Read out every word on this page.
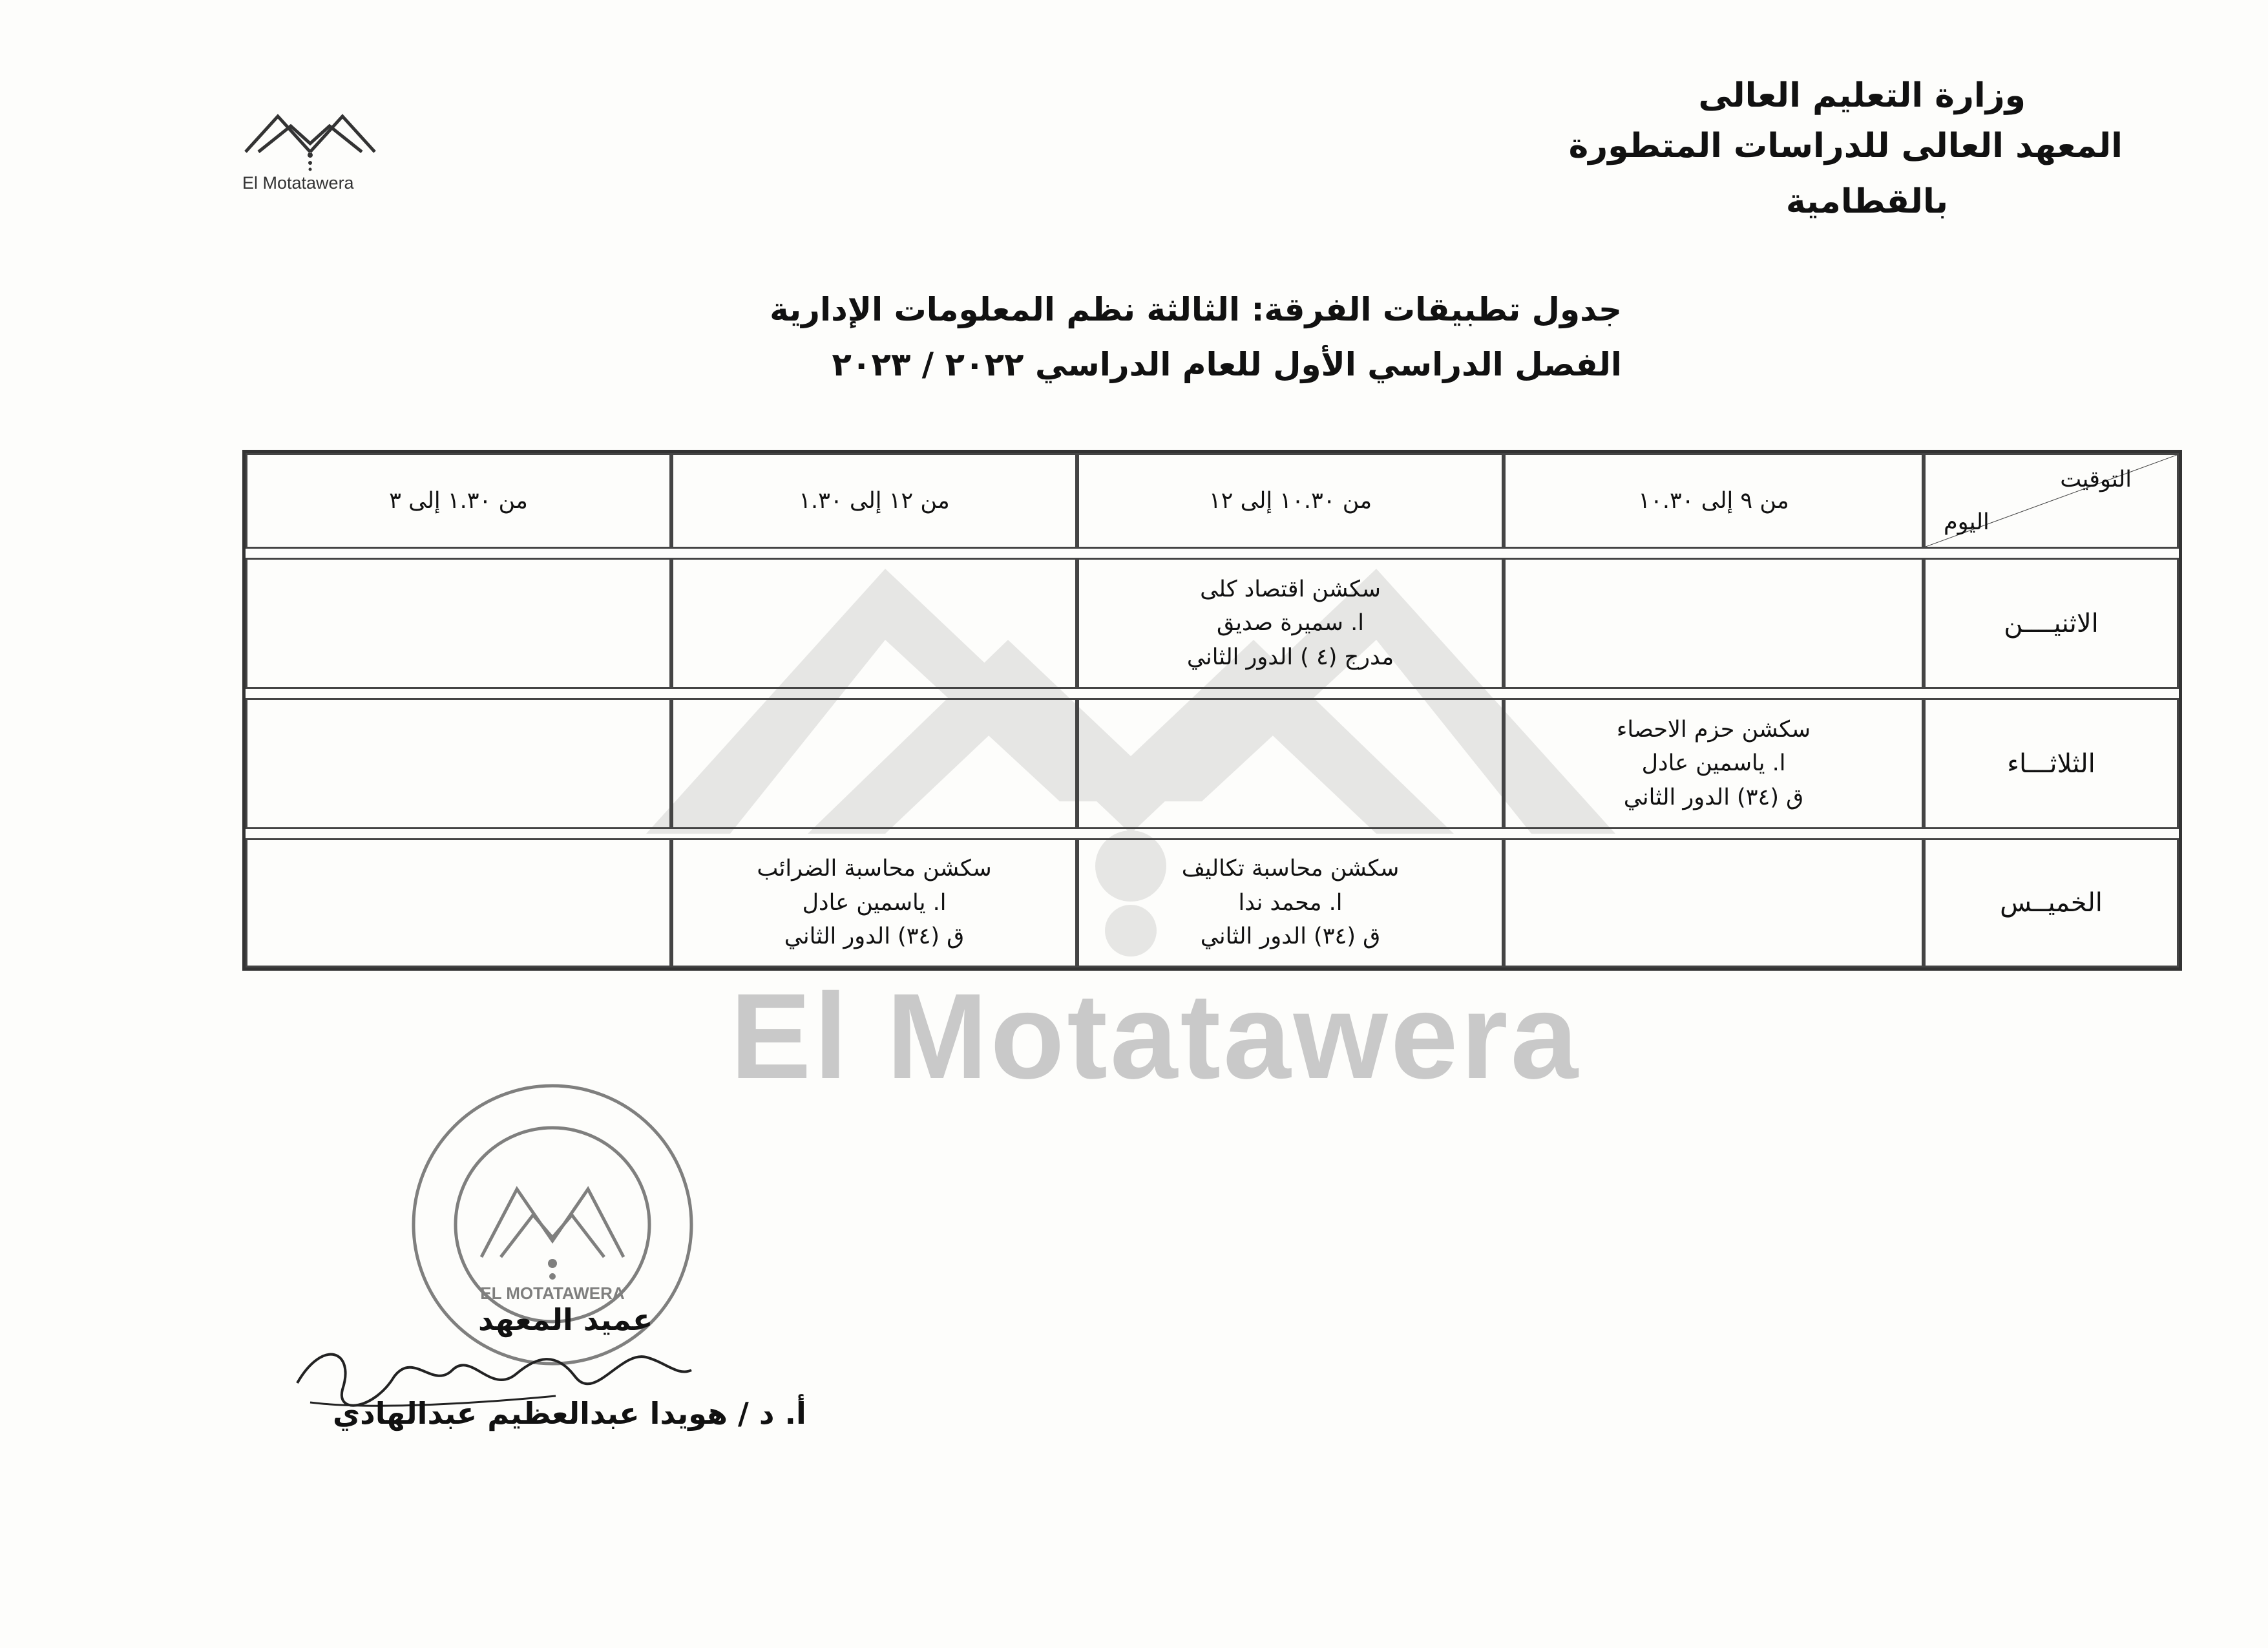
El Motatawera
وزارة التعليم العالى
المعهد العالى للدراسات المتطورة
بالقطامية
جدول تطبيقات الفرقة: الثالثة نظم المعلومات الإدارية
الفصل الدراسي الأول للعام الدراسي ٢٠٢٢ / ٢٠٢٣
El Motatawera
التوقيت
اليوم	من ٩ إلى ١٠.٣٠	من ١٠.٣٠ إلى ١٢	من ١٢ إلى ١.٣٠	من ١.٣٠ إلى ٣

الاثنيــــن		سكشن اقتصاد كلى
ا. سميرة صديق
مدرج (٤ ) الدور الثاني		

الثلاثـــاء	سكشن حزم الاحصاء
ا. ياسمين عادل
ق (٣٤) الدور الثاني			

الخميــس		سكشن محاسبة تكاليف
ا. محمد ندا
ق (٣٤) الدور الثاني	سكشن محاسبة الضرائب
ا. ياسمين عادل
ق (٣٤) الدور الثاني	

EL MOTATAWERA
عميد المعهد
أ. د / هويدا عبدالعظيم عبدالهادي
